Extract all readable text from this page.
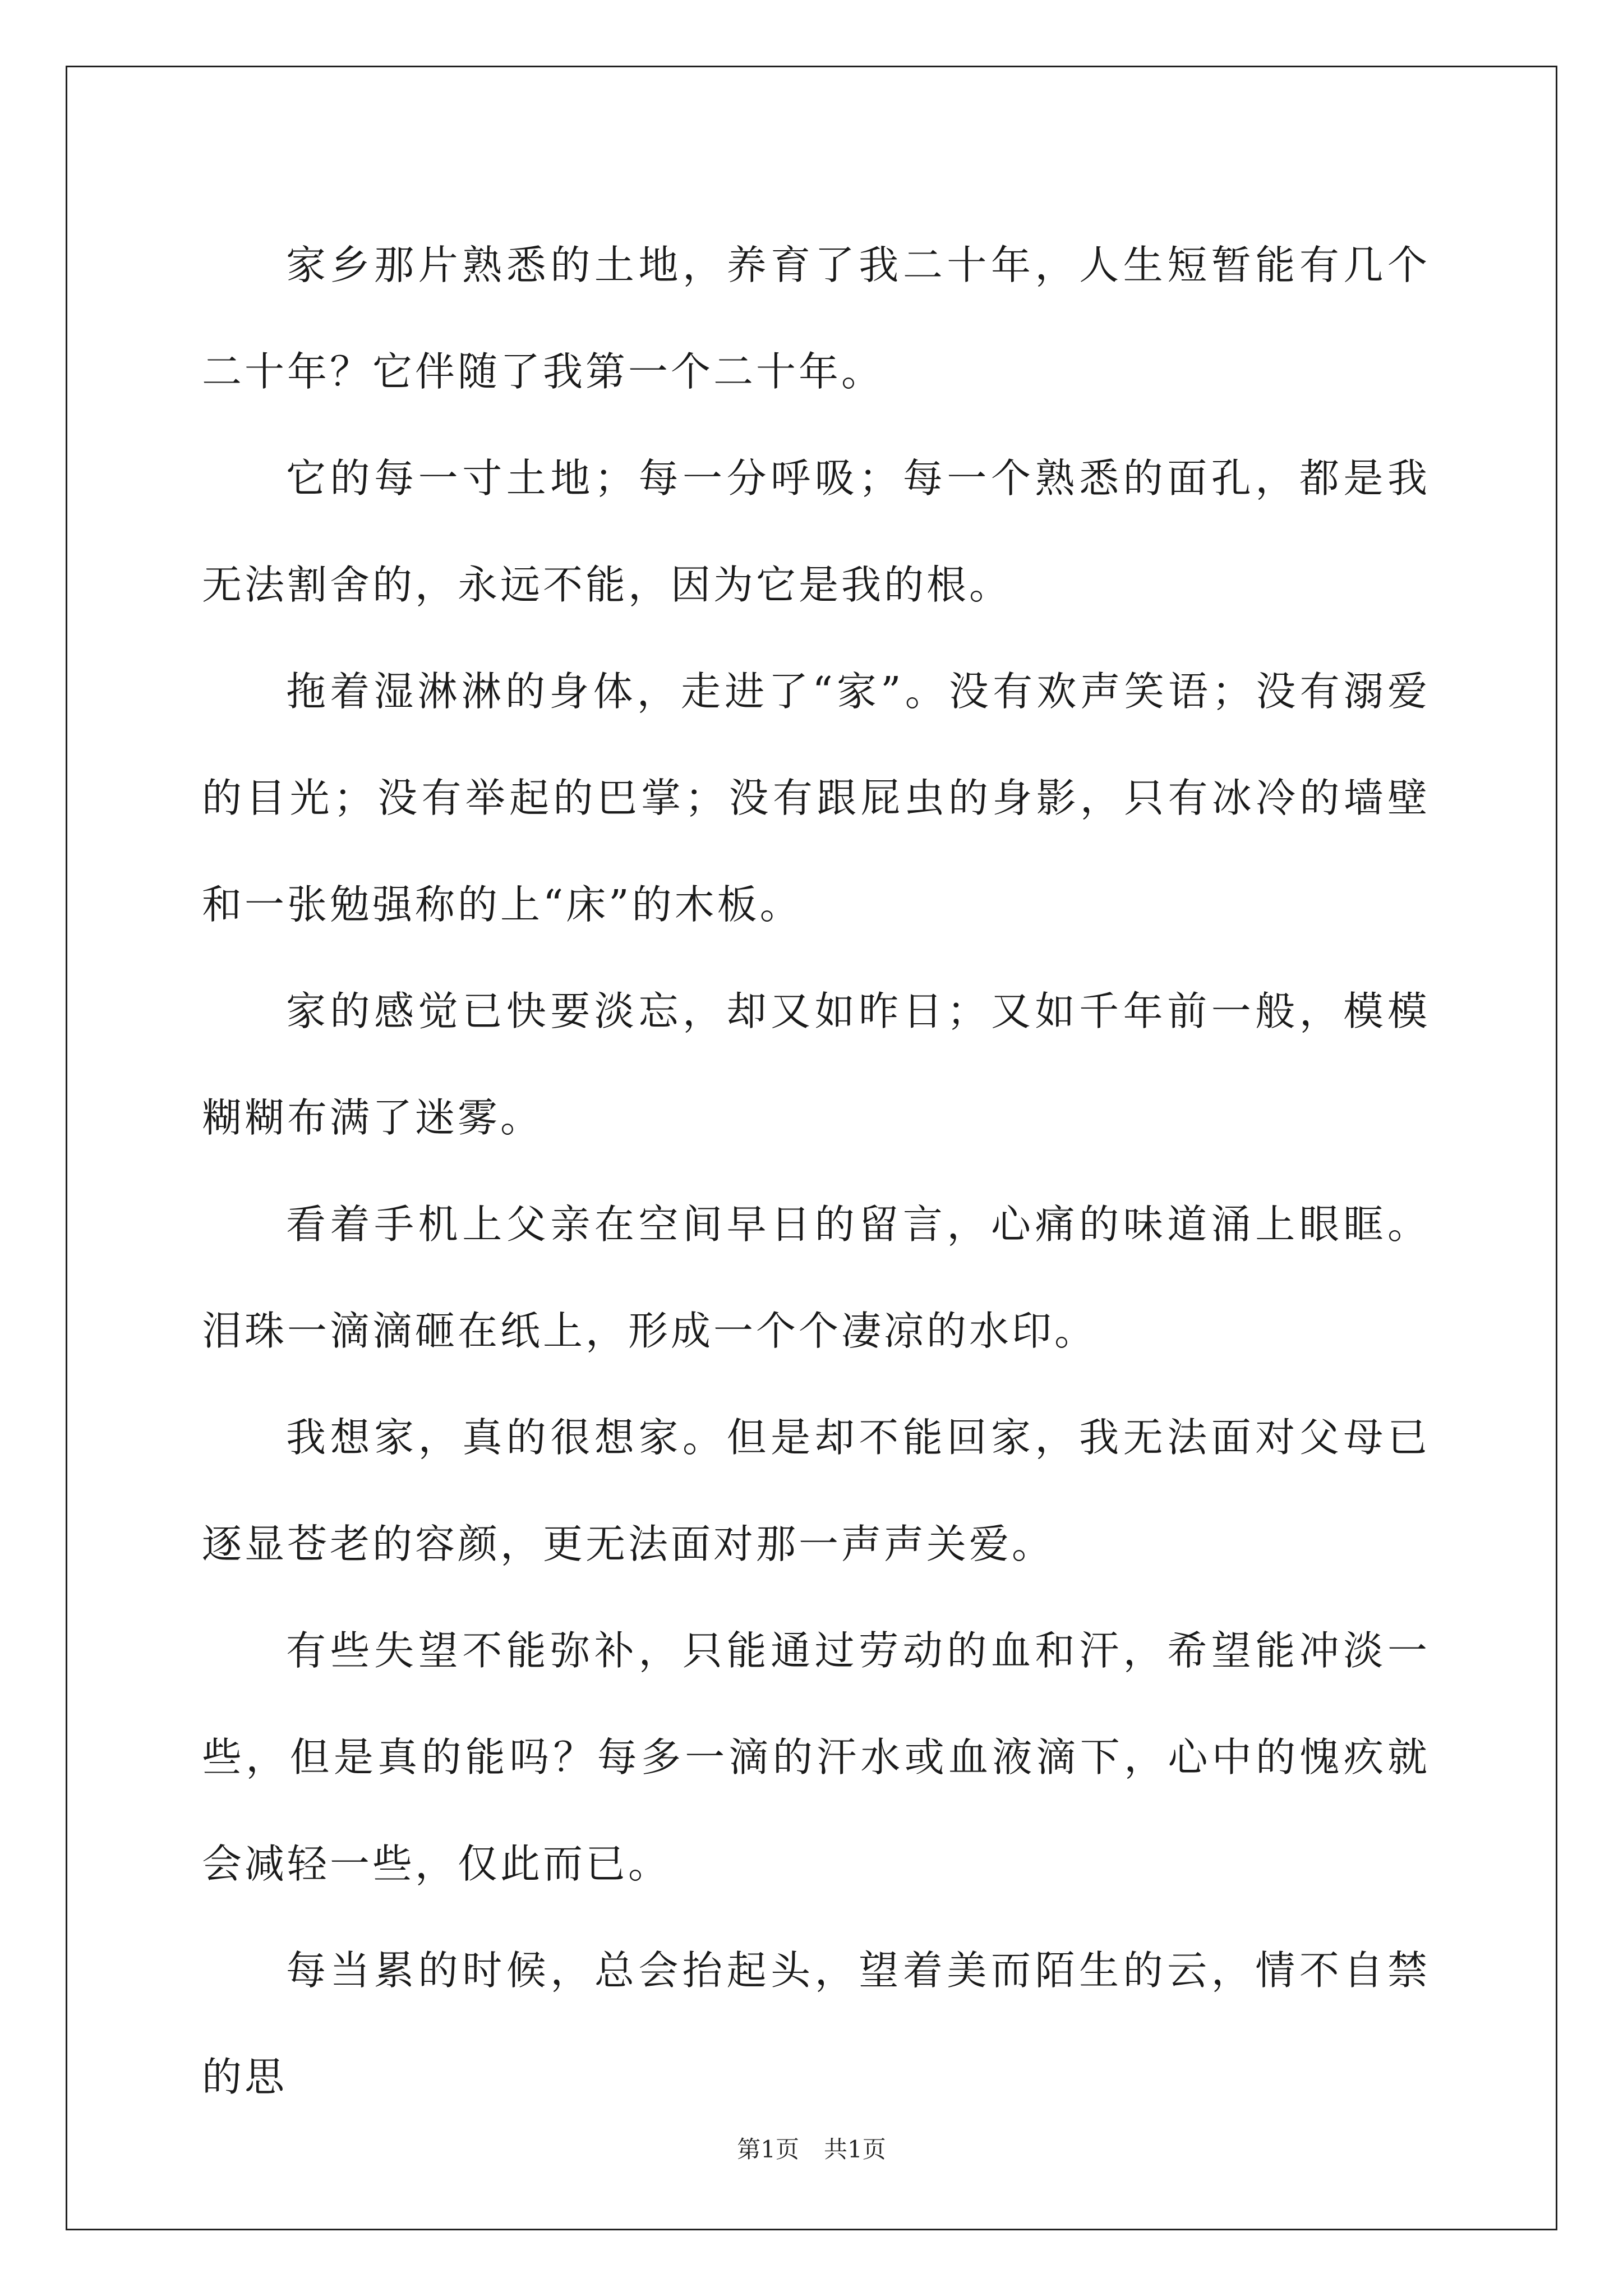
家乡那片熟悉的土地，养育了我二十年，人生短暂能有几个二十年？它伴随了我第一个二十年。

它的每一寸土地；每一分呼吸；每一个熟悉的面孔，都是我无法割舍的，永远不能，因为它是我的根。

拖着湿淋淋的身体，走进了“家”。没有欢声笑语；没有溺爱的目光；没有举起的巴掌；没有跟屁虫的身影，只有冰冷的墙壁和一张勉强称的上“床”的木板。

家的感觉已快要淡忘，却又如昨日；又如千年前一般，模模糊糊布满了迷雾。

看着手机上父亲在空间早日的留言，心痛的味道涌上眼眶。泪珠一滴滴砸在纸上，形成一个个凄凉的水印。

我想家，真的很想家。但是却不能回家，我无法面对父母已逐显苍老的容颜，更无法面对那一声声关爱。

有些失望不能弥补，只能通过劳动的血和汗，希望能冲淡一些，但是真的能吗？每多一滴的汗水或血液滴下，心中的愧疚就会减轻一些，仅此而已。

每当累的时候，总会抬起头，望着美而陌生的云，情不自禁的思

第1页 共1页
